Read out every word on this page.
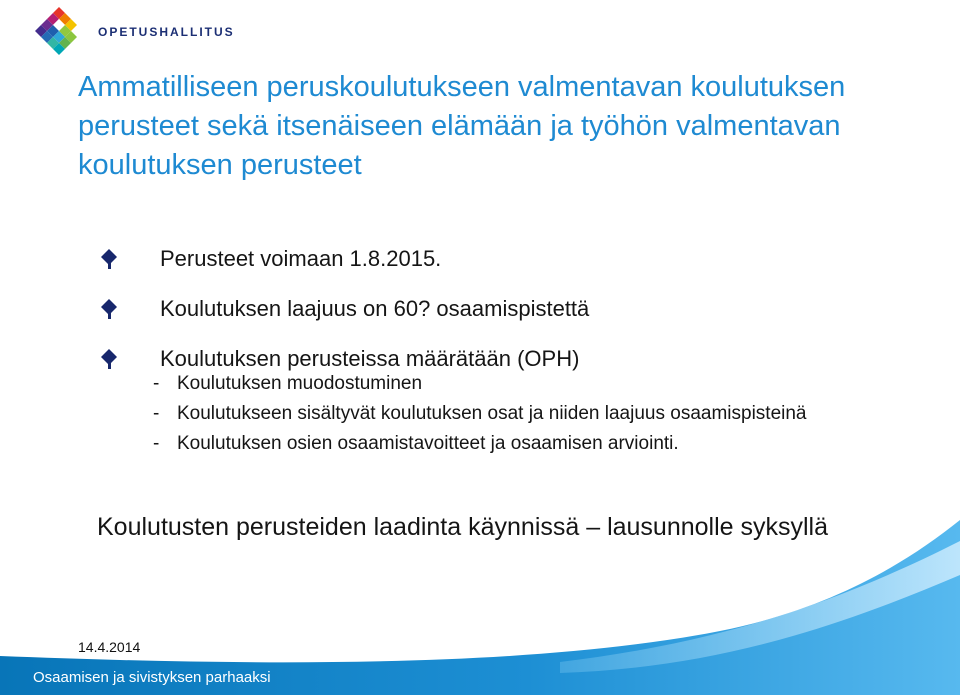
OPETUSHALLITUS
Ammatilliseen peruskoulutukseen valmentavan koulutuksen perusteet sekä itsenäiseen elämään ja työhön valmentavan koulutuksen perusteet
Perusteet voimaan 1.8.2015.
Koulutuksen laajuus on 60? osaamispistettä
Koulutuksen perusteissa määrätään (OPH)
- Koulutuksen muodostuminen
- Koulutukseen sisältyvät koulutuksen osat ja niiden laajuus osaamispisteinä
- Koulutuksen osien osaamistavoitteet ja osaamisen arviointi.
Koulutusten perusteiden laadinta käynnissä – lausunnolle syksyllä
14.4.2014
Osaamisen ja sivistyksen parhaaksi
